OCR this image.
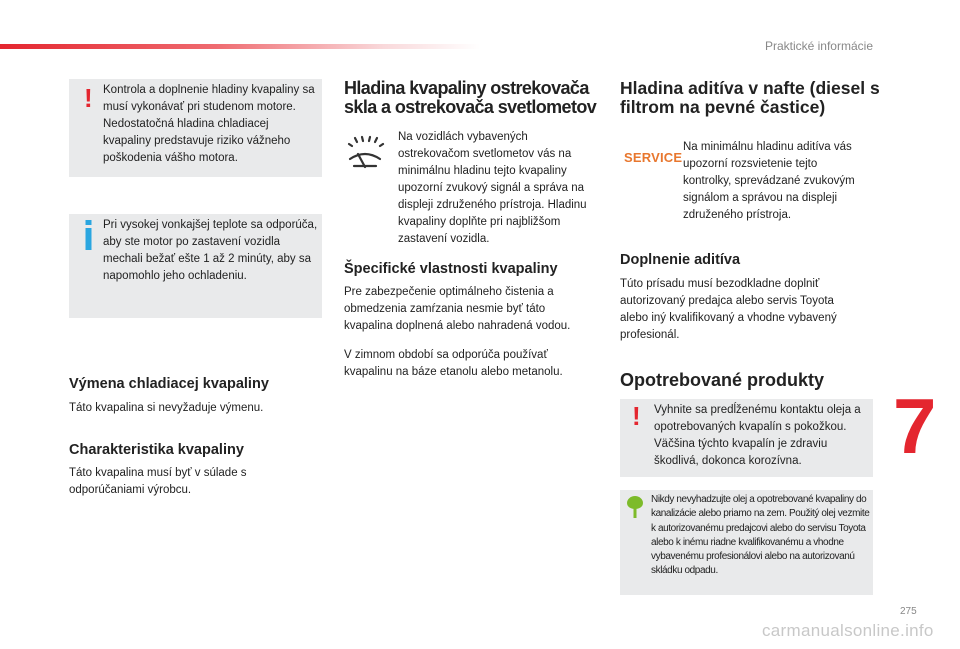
Praktické informácie
! Kontrola a doplnenie hladiny kvapaliny sa musí vykonávať pri studenom motore. Nedostatočná hladina chladiacej kvapaliny predstavuje riziko vážneho poškodenia vášho motora.
Pri vysokej vonkajšej teplote sa odporúča, aby ste motor po zastavení vozidla mechali bežať ešte 1 až 2 minúty, aby sa napomohlo jeho ochladeniu.
Výmena chladiacej kvapaliny
Táto kvapalina si nevyžaduje výmenu.
Charakteristika kvapaliny
Táto kvapalina musí byť v súlade s odporúčaniami výrobcu.
Hladina kvapaliny ostrekovača skla a ostrekovača svetlometov
Na vozidlách vybavených ostrekovačom svetlometov vás na minimálnu hladinu tejto kvapaliny upozorní zvukový signál a správa na displeji združeného prístroja. Hladinu kvapaliny doplňte pri najbližšom zastavení vozidla.
Špecifické vlastnosti kvapaliny
Pre zabezpečenie optimálneho čistenia a obmedzenia zamŕzania nesmie byť táto kvapalina doplnená alebo nahradená vodou.
V zimnom období sa odporúča používať kvapalinu na báze etanolu alebo metanolu.
Hladina aditíva v nafte (diesel s filtrom na pevné častice)
SERVICE
Na minimálnu hladinu aditíva vás upozorní rozsvietenie tejto kontrolky, sprevádzané zvukovým signálom a správou na displeji združeného prístroja.
Doplnenie aditíva
Túto prísadu musí bezodkladne doplniť autorizovaný predajca alebo servis Toyota alebo iný kvalifikovaný a vhodne vybavený profesionál.
Opotrebované produkty
! Vyhnite sa predĺženému kontaktu oleja a opotrebovaných kvapalín s pokožkou. Väčšina týchto kvapalín je zdraviu škodlivá, dokonca korozívna.
Nikdy nevyhadzujte olej a opotrebované kvapaliny do kanalizácie alebo priamo na zem. Použitý olej vezmite k autorizovanému predajcovi alebo do servisu Toyota alebo k inému riadne kvalifikovanému a vhodne vybavenému profesionálovi alebo na autorizovanú skládku odpadu.
7
275
carmanualsonline.info
